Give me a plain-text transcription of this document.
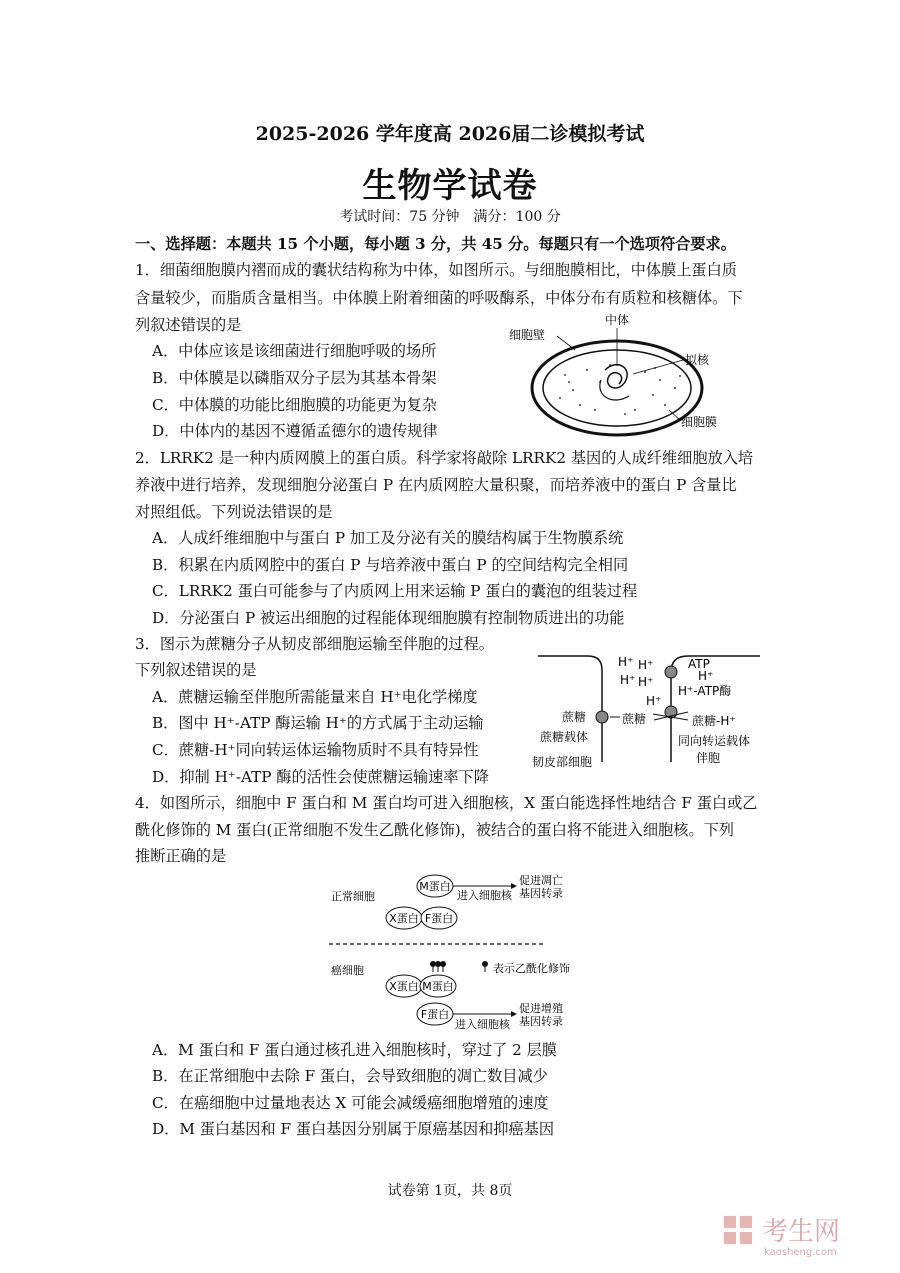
2025-2026 学年度高 2026届二诊模拟考试
生物学试卷
考试时间：75 分钟　满分：100 分
一、选择题：本题共 15 个小题，每小题 3 分，共 45 分。每题只有一个选项符合要求。
1．细菌细胞膜内褶而成的囊状结构称为中体，如图所示。与细胞膜相比，中体膜上蛋白质
含量较少，而脂质含量相当。中体膜上附着细菌的呼吸酶系，中体分布有质粒和核糖体。下
列叙述错误的是
A．中体应该是该细菌进行细胞呼吸的场所
B．中体膜是以磷脂双分子层为其基本骨架
C．中体膜的功能比细胞膜的功能更为复杂
D．中体内的基因不遵循孟德尔的遗传规律
中体
细胞壁
拟核
细胞膜
2．LRRK2 是一种内质网膜上的蛋白质。科学家将敲除 LRRK2 基因的人成纤维细胞放入培
养液中进行培养，发现细胞分泌蛋白 P 在内质网腔大量积聚，而培养液中的蛋白 P 含量比
对照组低。下列说法错误的是
A．人成纤维细胞中与蛋白 P 加工及分泌有关的膜结构属于生物膜系统
B．积累在内质网腔中的蛋白 P 与培养液中蛋白 P 的空间结构完全相同
C．LRRK2 蛋白可能参与了内质网上用来运输 P 蛋白的囊泡的组装过程
D．分泌蛋白 P 被运出细胞的过程能体现细胞膜有控制物质进出的功能
3．图示为蔗糖分子从韧皮部细胞运输至伴胞的过程。
下列叙述错误的是
A．蔗糖运输至伴胞所需能量来自 H⁺电化学梯度
B．图中 H⁺-ATP 酶运输 H⁺的方式属于主动运输
C．蔗糖-H⁺同向转运体运输物质时不具有特异性
D．抑制 H⁺-ATP 酶的活性会使蔗糖运输速率下降
H⁺ H⁺
H⁺ H⁺
H⁺
ATP
H⁺
H⁺-ATP酶
蔗糖	蔗糖	蔗糖-H⁺
蔗糖载体	同向转运载体
伴胞
韧皮部细胞
4．如图所示，细胞中 F 蛋白和 M 蛋白均可进入细胞核，X 蛋白能选择性地结合 F 蛋白或乙
酰化修饰的 M 蛋白(正常细胞不发生乙酰化修饰)，被结合的蛋白将不能进入细胞核。下列
推断正确的是
正常细胞
M蛋白
进入细胞核
促进凋亡
基因转录
X蛋白 F蛋白
癌细胞
X蛋白 M蛋白
表示乙酰化修饰
F蛋白
进入细胞核
促进增殖
基因转录
A．M 蛋白和 F 蛋白通过核孔进入细胞核时，穿过了 2 层膜
B．在正常细胞中去除 F 蛋白，会导致细胞的凋亡数目减少
C．在癌细胞中过量地表达 X 可能会减缓癌细胞增殖的速度
D．M 蛋白基因和 F 蛋白基因分别属于原癌基因和抑癌基因
试卷第 1页，共 8页
考生网
kaosheng.com
